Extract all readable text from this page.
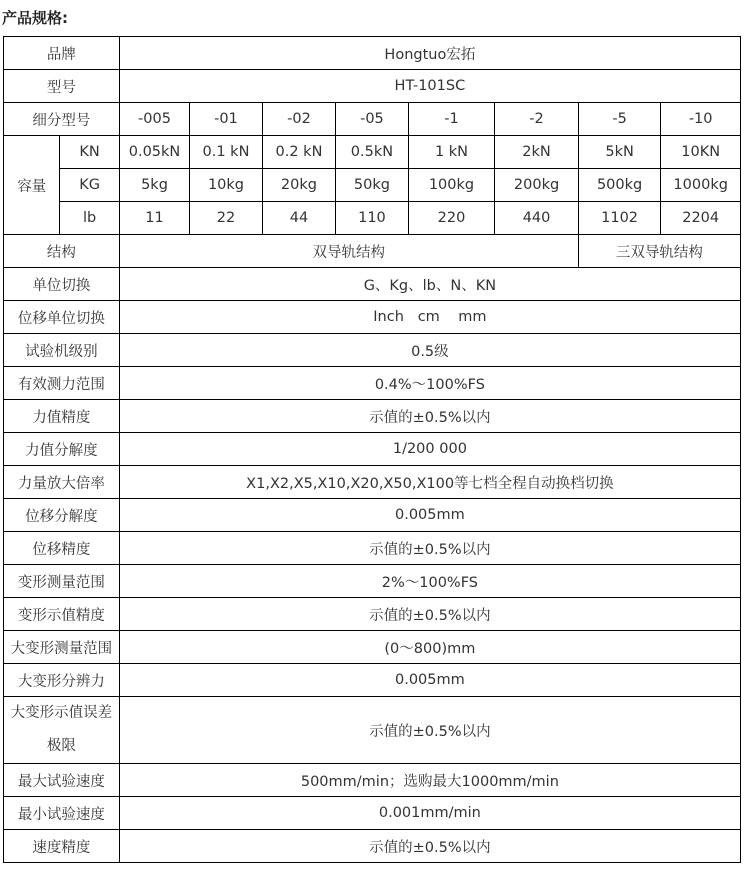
产品规格:
品牌		Hongtuo宏拓							
型号		HT-101SC							
细分型号		-005	-01	-02	-05	-1	-2	-5	-10
容量	KN	0.05kN	0.1 kN	0.2 kN	0.5kN	1 kN	2kN	5kN	10KN
	KG	5kg	10kg	20kg	50kg	100kg	200kg	500kg	1000kg
	lb	11	22	44	110	220	440	1102	2204
结构		双导轨结构						三双导轨结构	
单位切换		G、Kg、lb、N、KN							
位移单位切换		Inch   cm    mm							
试验机级别		0.5级							
有效测力范围		0.4%～100%FS							
力值精度		示值的±0.5%以内							
力值分解度		1/200 000							
力量放大倍率		X1,X2,X5,X10,X20,X50,X100等七档全程自动换档切换							
位移分解度		0.005mm							
位移精度		示值的±0.5%以内							
变形测量范围		2%～100%FS							
变形示值精度		示值的±0.5%以内							
大变形测量范围		(0～800)mm							
大变形分辨力		0.005mm							
大变形示值误差极限		示值的±0.5%以内							
最大试验速度		500mm/min；选购最大1000mm/min							
最小试验速度		0.001mm/min							
速度精度		示值的±0.5%以内							
